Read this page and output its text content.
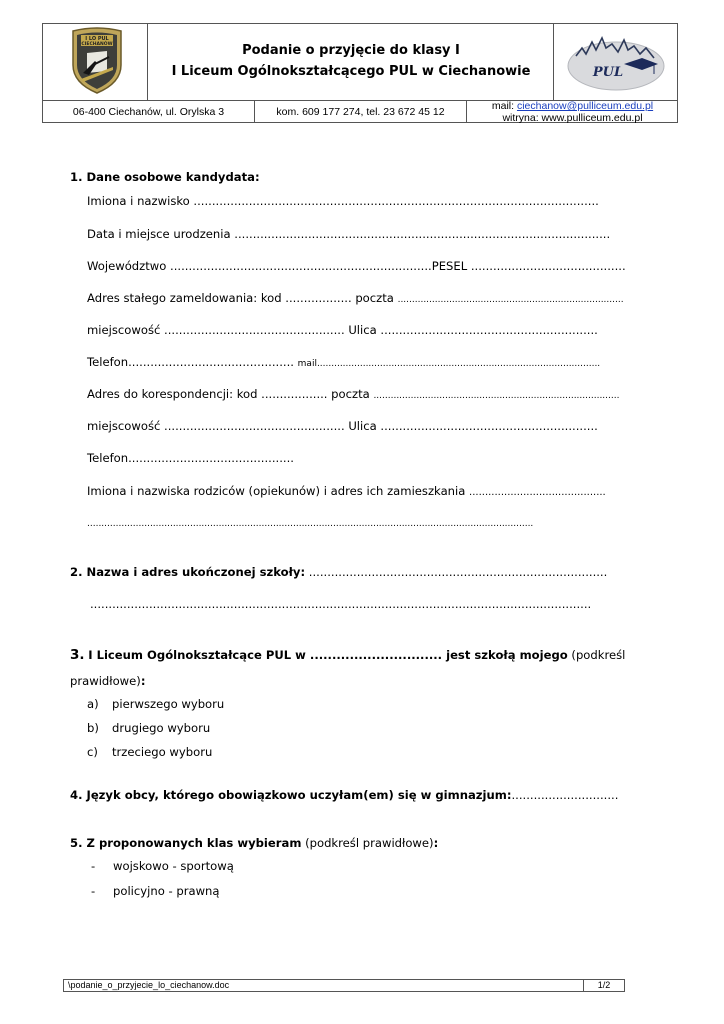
I LO PUL
CIECHANÓW	Podanie o przyjęcie do klasy I
I Liceum Ogólnokształcącego PUL w Ciechanowie	PUL
06-400 Ciechanów, ul. Orylska 3	kom. 609 177 274, tel. 23 672 45 12	mail: ciechanow@pulliceum.edu.pl
witryna: www.pulliceum.edu.pl
1. Dane osobowe kandydata:
Imiona i nazwisko ..............................................................................................................
Data i miejsce urodzenia ......................................................................................................
Województwo .......................................................................PESEL ..........................................
Adres stałego zameldowania: kod .................. poczta ...............................................................................
miejscowość ................................................. Ulica ...........................................................
Telefon............................................. mail...................................................................................................
Adres do korespondencji: kod .................. poczta ......................................................................................
miejscowość ................................................. Ulica ...........................................................
Telefon.............................................
Imiona i nazwiska rodziców (opiekunów) i adres ich zamieszkania ...........................................
............................................................................................................................................................
2. Nazwa i adres ukończonej szkoły: .................................................................................
........................................................................................................................................
3. I Liceum Ogólnokształcące PUL w .............................. jest szkołą mojego (podkreśl
prawidłowe):
a) pierwszego wyboru
b) drugiego wyboru
c) trzeciego wyboru
4. Język obcy, którego obowiązkowo uczyłam(em) się w gimnazjum:.............................
5. Z proponowanych klas wybieram (podkreśl prawidłowe):
- wojskowo - sportową
- policyjno - prawną
\podanie_o_przyjecie_lo_ciechanow.doc	1/2
